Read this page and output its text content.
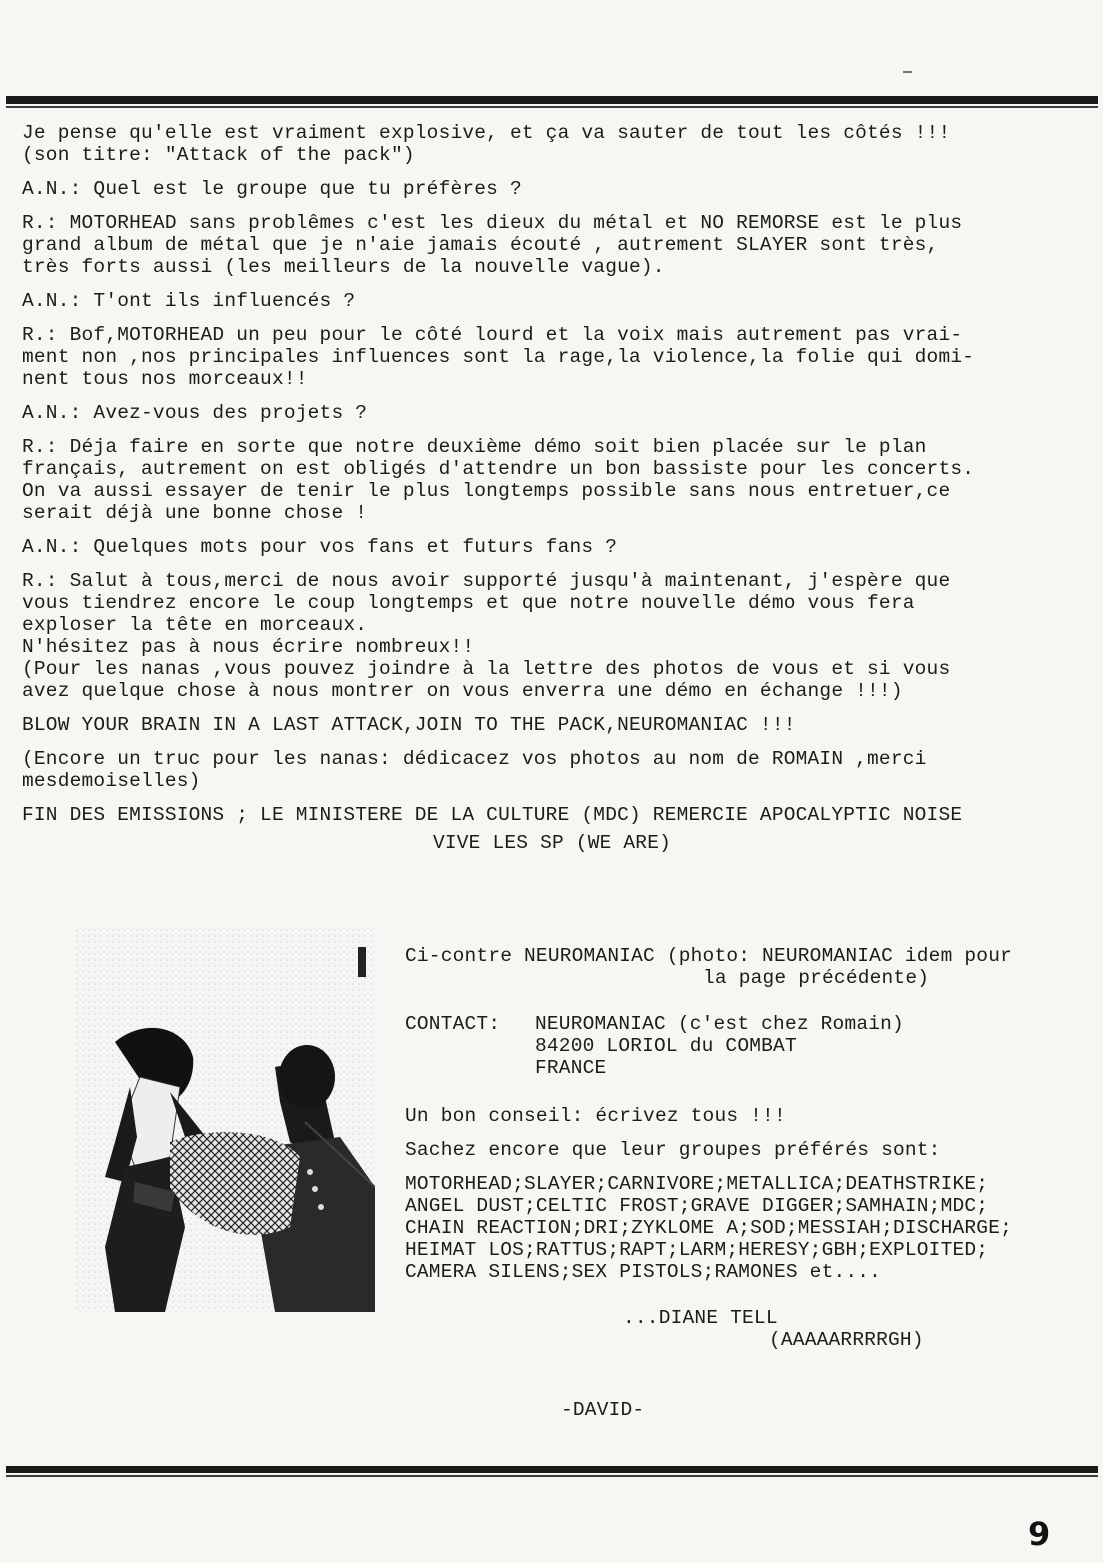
Je pense qu'elle est vraiment explosive, et ça va sauter de tout les côtés !!!
(son titre: "Attack of the pack")

A.N.: Quel est le groupe que tu préfères ?

R.: MOTORHEAD sans problêmes c'est les dieux du métal et NO REMORSE est le plus
grand album de métal que je n'aie jamais écouté , autrement SLAYER sont très,
très forts aussi (les meilleurs de la nouvelle vague).

A.N.: T'ont ils influencés ?

R.: Bof,MOTORHEAD un peu pour le côté lourd et la voix mais autrement pas vrai-
ment non ,nos principales influences sont la rage,la violence,la folie qui domi-
nent tous nos morceaux!!

A.N.: Avez-vous des projets ?

R.: Déja faire en sorte que notre deuxième démo soit bien placée sur le plan
français, autrement on est obligés d'attendre un bon bassiste pour les concerts.
On va aussi essayer de tenir le plus longtemps possible sans nous entretuer,ce
serait déjà une bonne chose !

A.N.: Quelques mots pour vos fans et futurs fans ?

R.: Salut à tous,merci de nous avoir supporté jusqu'à maintenant, j'espère que
vous tiendrez encore le coup longtemps et que notre nouvelle démo vous fera
exploser la tête en morceaux.
N'hésitez pas à nous écrire nombreux!!
(Pour les nanas ,vous pouvez joindre à la lettre des photos de vous et si vous
avez quelque chose à nous montrer on vous enverra une démo en échange !!!)

BLOW YOUR BRAIN IN A LAST ATTACK,JOIN TO THE PACK,NEUROMANIAC !!!

(Encore un truc pour les nanas: dédicacez vos photos au nom de ROMAIN ,merci
mesdemoiselles)

FIN DES EMISSIONS ; LE MINISTERE DE LA CULTURE (MDC) REMERCIE APOCALYPTIC NOISE

VIVE LES SP (WE ARE)

Ci-contre NEUROMANIAC (photo: NEUROMANIAC idem pour

la page précédente)

CONTACT:	NEUROMANIAC (c'est chez Romain)

84200 LORIOL du COMBAT

FRANCE

Un bon conseil: écrivez tous !!!

Sachez encore que leur groupes préférés sont:

MOTORHEAD;SLAYER;CARNIVORE;METALLICA;DEATHSTRIKE;
ANGEL DUST;CELTIC FROST;GRAVE DIGGER;SAMHAIN;MDC;
CHAIN REACTION;DRI;ZYKLOME A;SOD;MESSIAH;DISCHARGE;
HEIMAT LOS;RATTUS;RAPT;LARM;HERESY;GBH;EXPLOITED;
CAMERA SILENS;SEX PISTOLS;RAMONES et....

...DIANE TELL

(AAAAARRRRGH)

-DAVID-

9
